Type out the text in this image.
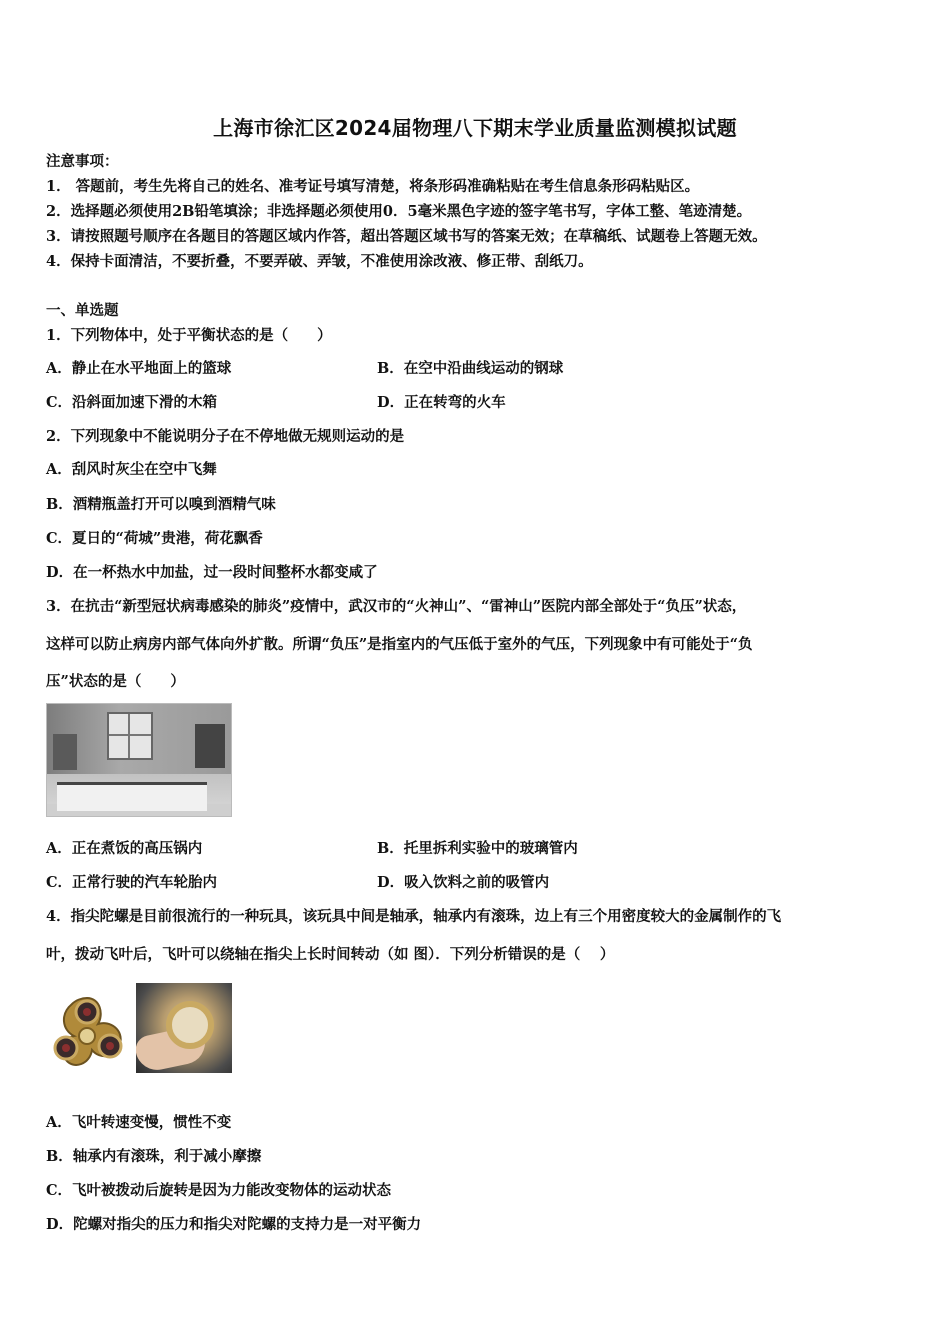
上海市徐汇区2024届物理八下期末学业质量监测模拟试题
注意事项：
1． 答题前，考生先将自己的姓名、准考证号填写清楚，将条形码准确粘贴在考生信息条形码粘贴区。
2．选择题必须使用2B铅笔填涂；非选择题必须使用0．5毫米黑色字迹的签字笔书写，字体工整、笔迹清楚。
3．请按照题号顺序在各题目的答题区域内作答，超出答题区域书写的答案无效；在草稿纸、试题卷上答题无效。
4．保持卡面清洁，不要折叠，不要弄破、弄皱，不准使用涂改液、修正带、刮纸刀。
一、单选题
1．下列物体中，处于平衡状态的是（　　）
A．静止在水平地面上的篮球	B．在空中沿曲线运动的钢球
C．沿斜面加速下滑的木箱	D．正在转弯的火车
2．下列现象中不能说明分子在不停地做无规则运动的是
A．刮风时灰尘在空中飞舞
B．酒精瓶盖打开可以嗅到酒精气味
C．夏日的“荷城”贵港，荷花飘香
D．在一杯热水中加盐，过一段时间整杯水都变咸了
3．在抗击“新型冠状病毒感染的肺炎”疫情中，武汉市的“火神山”、“雷神山”医院内部全部处于“负压”状态，
这样可以防止病房内部气体向外扩散。所谓“负压”是指室内的气压低于室外的气压，下列现象中有可能处于“负
压”状态的是（　　）
A．正在煮饭的高压锅内	B．托里拆利实验中的玻璃管内
C．正常行驶的汽车轮胎内	D．吸入饮料之前的吸管内
4．指尖陀螺是目前很流行的一种玩具，该玩具中间是轴承，轴承内有滚珠，边上有三个用密度较大的金属制作的飞
叶，拨动飞叶后，飞叶可以绕轴在指尖上长时间转动（如 图）．下列分析错误的是（　 ）
A．飞叶转速变慢，惯性不变
B．轴承内有滚珠，利于减小摩擦
C．飞叶被拨动后旋转是因为力能改变物体的运动状态
D．陀螺对指尖的压力和指尖对陀螺的支持力是一对平衡力
